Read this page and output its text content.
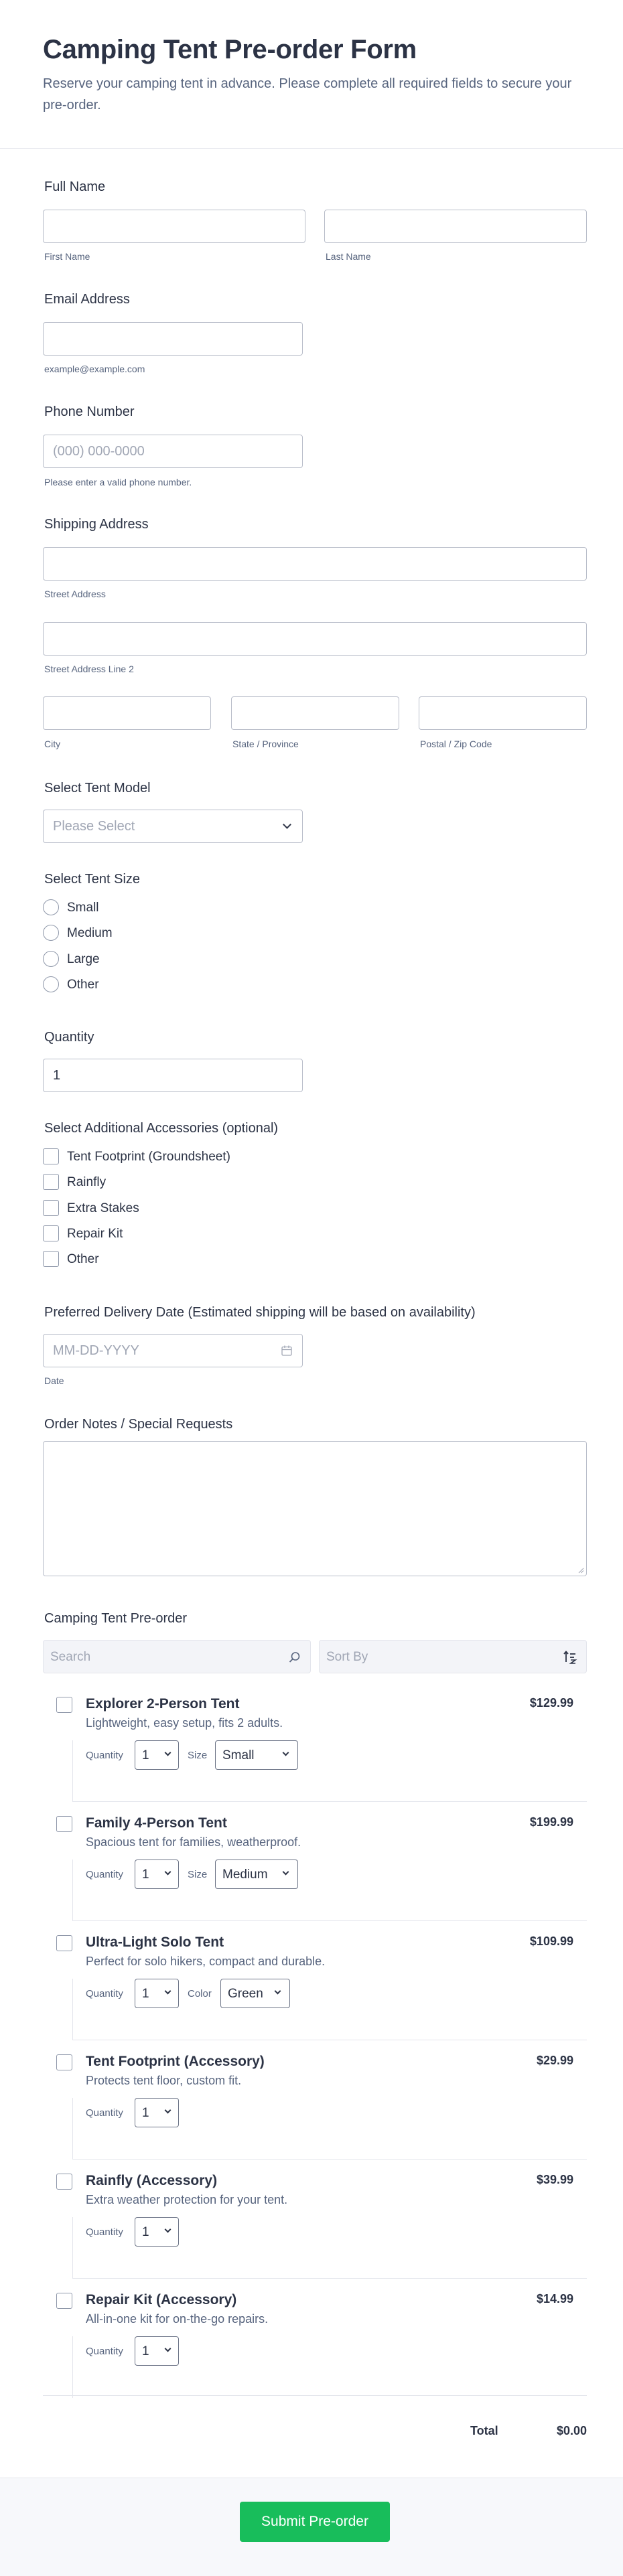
Camping Tent Pre-order Form

Reserve your camping tent in advance. Please complete all required fields to secure your pre-order.

Full Name
First Name	Last Name
Email Address
example@example.com
Phone Number
(000) 000-0000
Please enter a valid phone number.
Shipping Address
Street Address
Street Address Line 2
City	State / Province	Postal / Zip Code
Select Tent Model
Please Select
Select Tent Size
Small
Medium
Large
Other
Quantity
1
Select Additional Accessories (optional)
Tent Footprint (Groundsheet)
Rainfly
Extra Stakes
Repair Kit
Other
Preferred Delivery Date (Estimated shipping will be based on availability)
MM-DD-YYYY
Date
Order Notes / Special Requests
Camping Tent Pre-order
Search	Sort By
Explorer 2-Person Tent
Lightweight, easy setup, fits 2 adults.
$129.99
Quantity 1	Size Small
Family 4-Person Tent
Spacious tent for families, weatherproof.
$199.99
Quantity 1	Size Medium
Ultra-Light Solo Tent
Perfect for solo hikers, compact and durable.
$109.99
Quantity 1	Color Green
Tent Footprint (Accessory)
Protects tent floor, custom fit.
$29.99
Quantity 1
Rainfly (Accessory)
Extra weather protection for your tent.
$39.99
Quantity 1
Repair Kit (Accessory)
All-in-one kit for on-the-go repairs.
$14.99
Quantity 1
Total	$0.00
Submit Pre-order
